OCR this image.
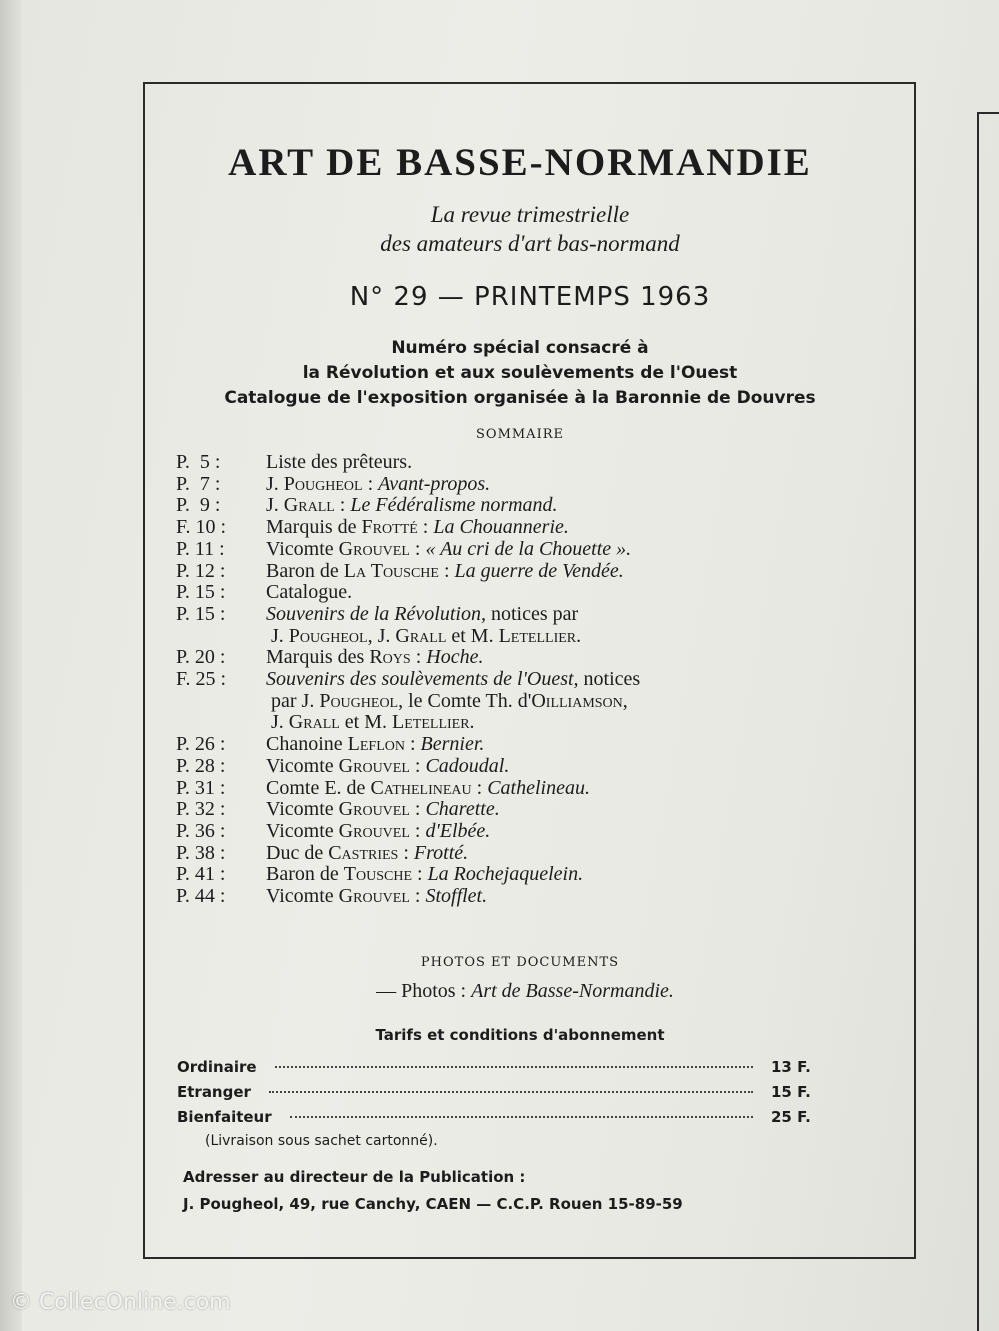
ART DE BASSE-NORMANDIE
La revue trimestrielle
des amateurs d'art bas-normand
N° 29 — PRINTEMPS 1963
Numéro spécial consacré à
la Révolution et aux soulèvements de l'Ouest
Catalogue de l'exposition organisée à la Baronnie de Douvres
SOMMAIRE
P.  5 :	Liste des prêteurs.
P.  7 :	J. Pougheol : Avant-propos.
P.  9 :	J. Grall : Le Fédéralisme normand.
F. 10 :	Marquis de Frotté : La Chouannerie.
P. 11 :	Vicomte Grouvel : « Au cri de la Chouette ».
P. 12 :	Baron de La Tousche : La guerre de Vendée.
P. 15 :	Catalogue.
P. 15 :	Souvenirs de la Révolution, notices par
J. Pougheol, J. Grall et M. Letellier.
P. 20 :	Marquis des Roys : Hoche.
F. 25 :	Souvenirs des soulèvements de l'Ouest, notices
par J. Pougheol, le Comte Th. d'Oilliamson,
J. Grall et M. Letellier.
P. 26 :	Chanoine Leflon : Bernier.
P. 28 :	Vicomte Grouvel : Cadoudal.
P. 31 :	Comte E. de Cathelineau : Cathelineau.
P. 32 :	Vicomte Grouvel : Charette.
P. 36 :	Vicomte Grouvel : d'Elbée.
P. 38 :	Duc de Castries : Frotté.
P. 41 :	Baron de Tousche : La Rochejaquelein.
P. 44 :	Vicomte Grouvel : Stofflet.
PHOTOS ET DOCUMENTS
— Photos : Art de Basse-Normandie.
Tarifs et conditions d'abonnement
Ordinaire	13 F.
Etranger	15 F.
Bienfaiteur	25 F.
(Livraison sous sachet cartonné).
Adresser au directeur de la Publication :
J. Pougheol, 49, rue Canchy, CAEN — C.C.P. Rouen 15-89-59
© CollecOnline.com
